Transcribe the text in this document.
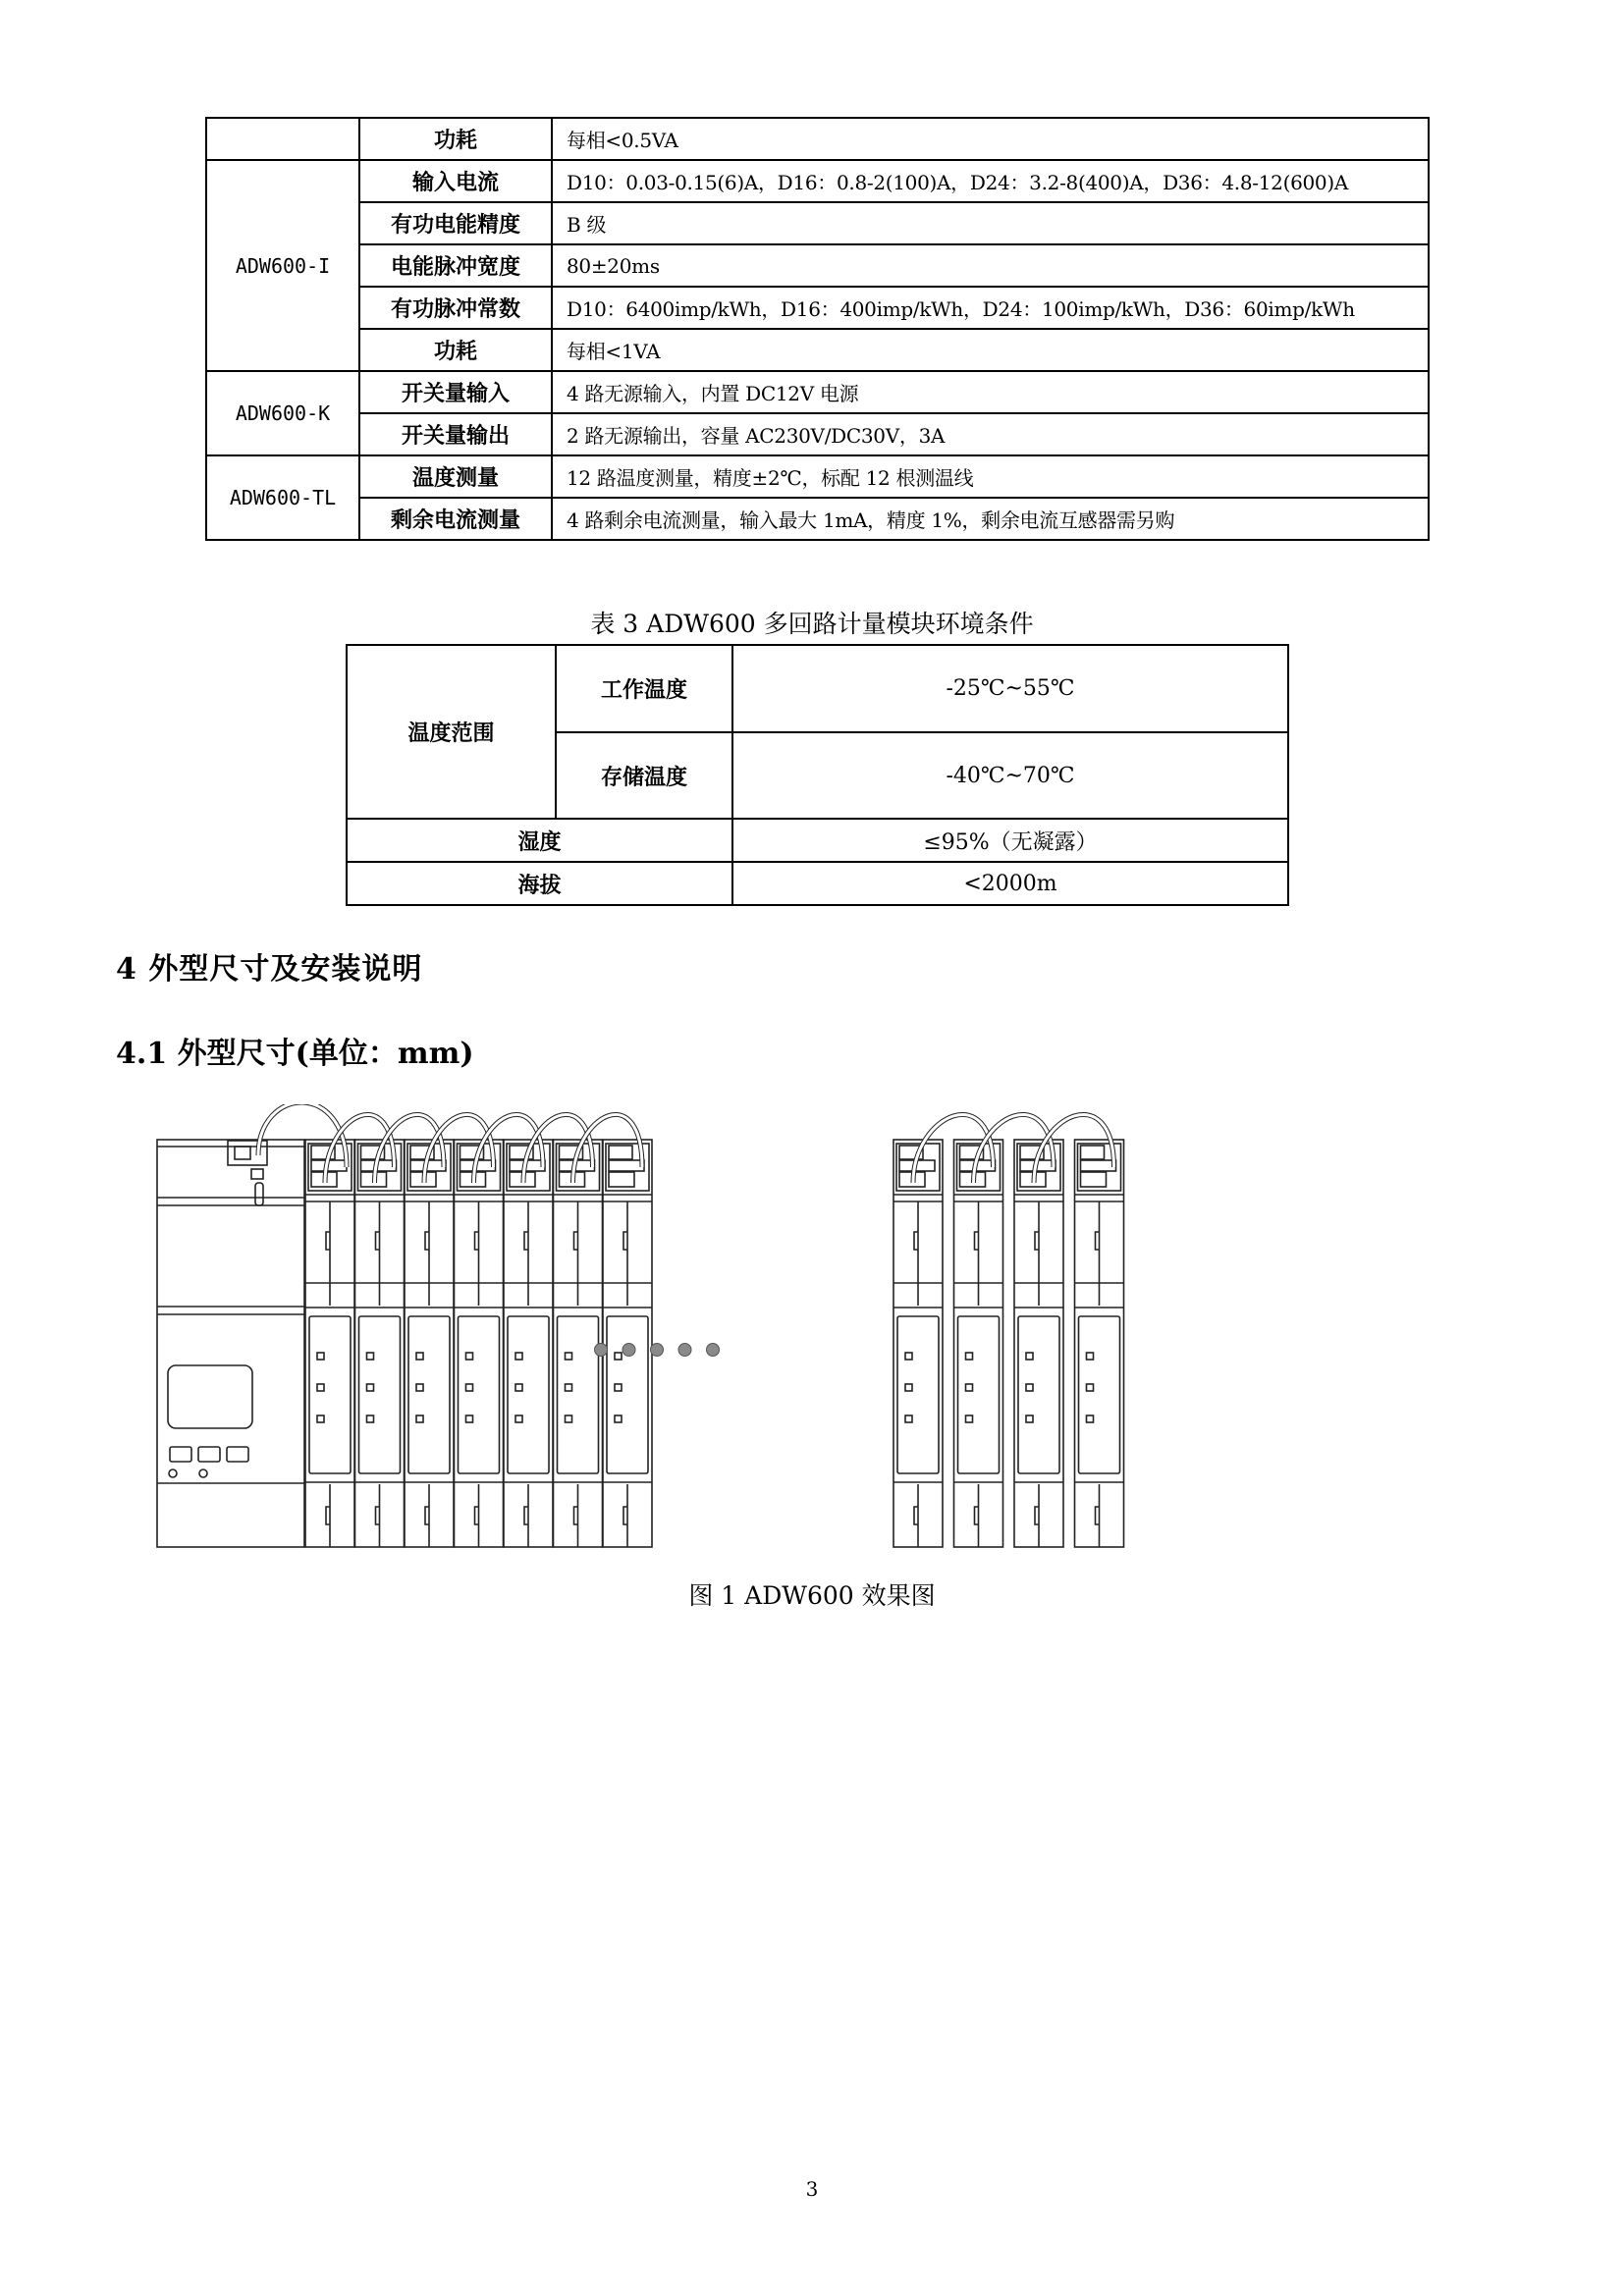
	功耗	每相<0.5VA
ADW600-I	输入电流	D10：0.03-0.15(6)A，D16：0.8-2(100)A，D24：3.2-8(400)A，D36：4.8-12(600)A
	有功电能精度	B 级
	电能脉冲宽度	80±20ms
	有功脉冲常数	D10：6400imp/kWh，D16：400imp/kWh，D24：100imp/kWh，D36：60imp/kWh
	功耗	每相<1VA
ADW600-K	开关量输入	4 路无源输入，内置 DC12V 电源
	开关量输出	2 路无源输出，容量 AC230V/DC30V，3A
ADW600-TL	温度测量	12 路温度测量，精度±2℃，标配 12 根测温线
	剩余电流测量	4 路剩余电流测量，输入最大 1mA，精度 1%，剩余电流互感器需另购
表 3 ADW600 多回路计量模块环境条件
温度范围	工作温度	-25℃~55℃
	存储温度	-40℃~70℃
湿度		≤95%（无凝露）
海拔		<2000m
4 外型尺寸及安装说明
4.1 外型尺寸(单位：mm)
图 1 ADW600 效果图
3
